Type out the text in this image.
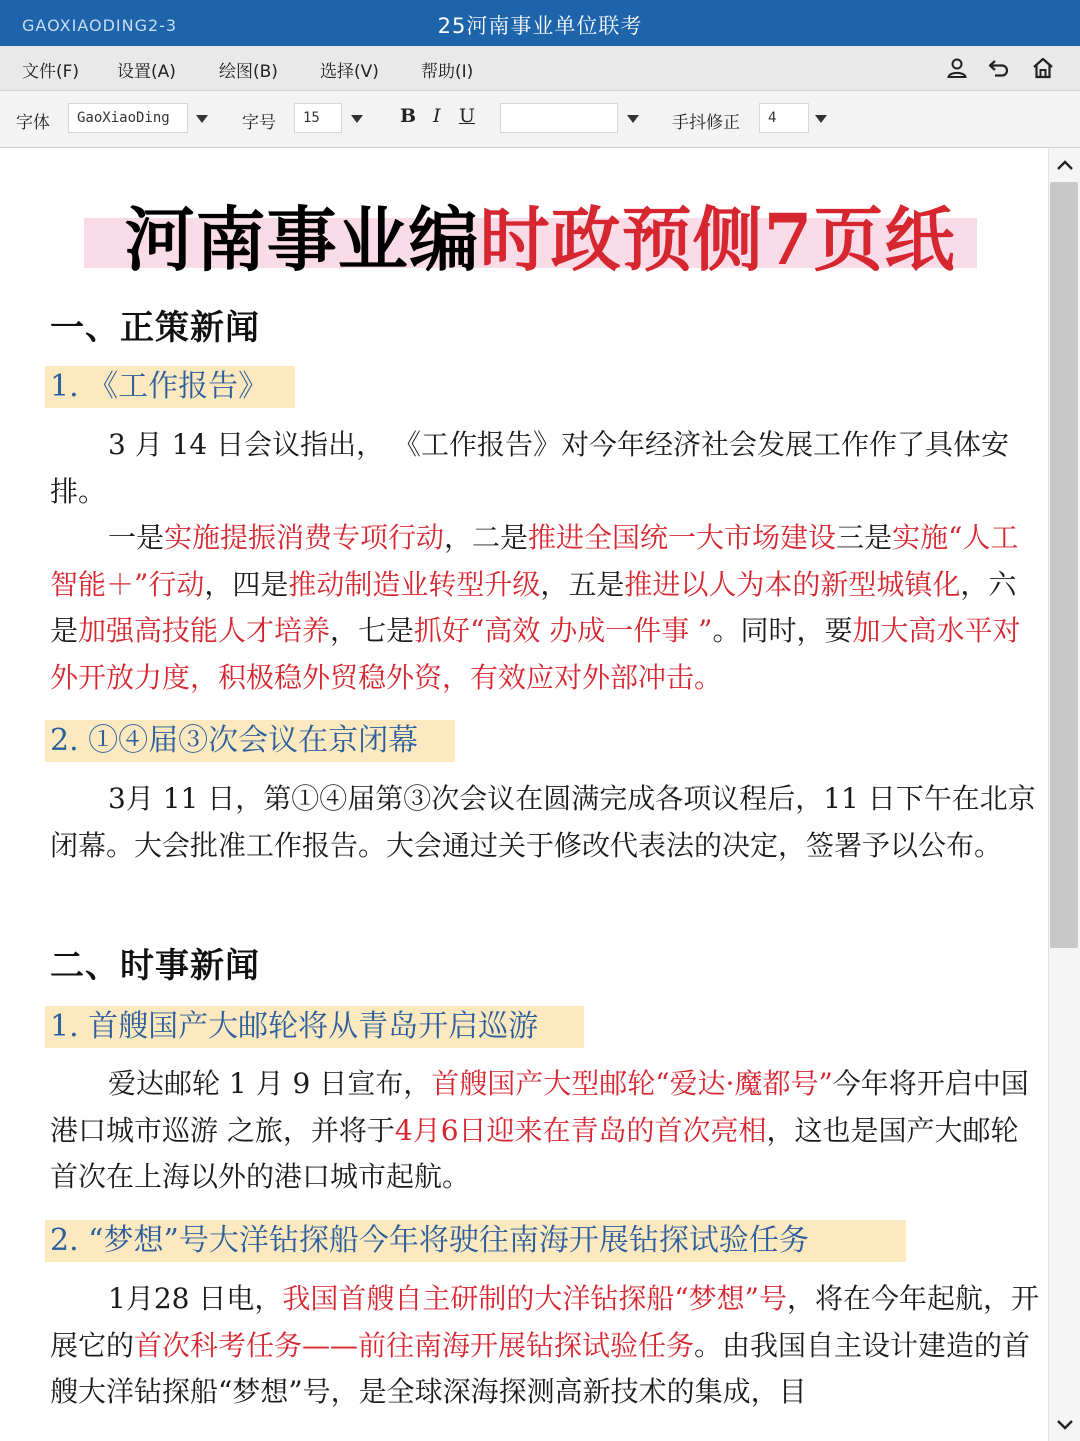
GAOXIAODING2-3	25河南事业单位联考
文件(F) 设置(A)	绘图(B) 选择(V) 帮助(I)
字体 GaoXiaoDing	字号 15	B I U	手抖修正 4
河南事业编时政预侧7页纸
一、正策新闻
1. 《工作报告》

3 月 14 日会议指出， 《工作报告》对今年经济社会发展工作作了具体安排。

一是实施提振消费专项行动，二是推进全国统一大市场建设三是实施“人工智能＋”行动，四是推动制造业转型升级，五是推进以人为本的新型城镇化，六是加强高技能人才培养，七是抓好“高效 办成一件事 ”。同时，要加大高水平对外开放力度，积极稳外贸稳外资，有效应对外部冲击。

2. ①④届③次会议在京闭幕

3月 11 日，第①④届第③次会议在圆满完成各项议程后，11 日下午在北京闭幕。大会批准工作报告。大会通过关于修改代表法的决定，签署予以公布。

二、时事新闻
1. 首艘国产大邮轮将从青岛开启巡游

爱达邮轮 1 月 9 日宣布，首艘国产大型邮轮“爱达·魔都号”今年将开启中国港口城市巡游 之旅，并将于4月6日迎来在青岛的首次亮相，这也是国产大邮轮首次在上海以外的港口城市起航。

2. “梦想”号大洋钻探船今年将驶往南海开展钻探试验任务

1月28 日电，我国首艘自主研制的大洋钻探船“梦想”号，将在今年起航，开展它的首次科考任务——前往南海开展钻探试验任务。由我国自主设计建造的首艘大洋钻探船“梦想”号，是全球深海探测高新技术的集成，目
